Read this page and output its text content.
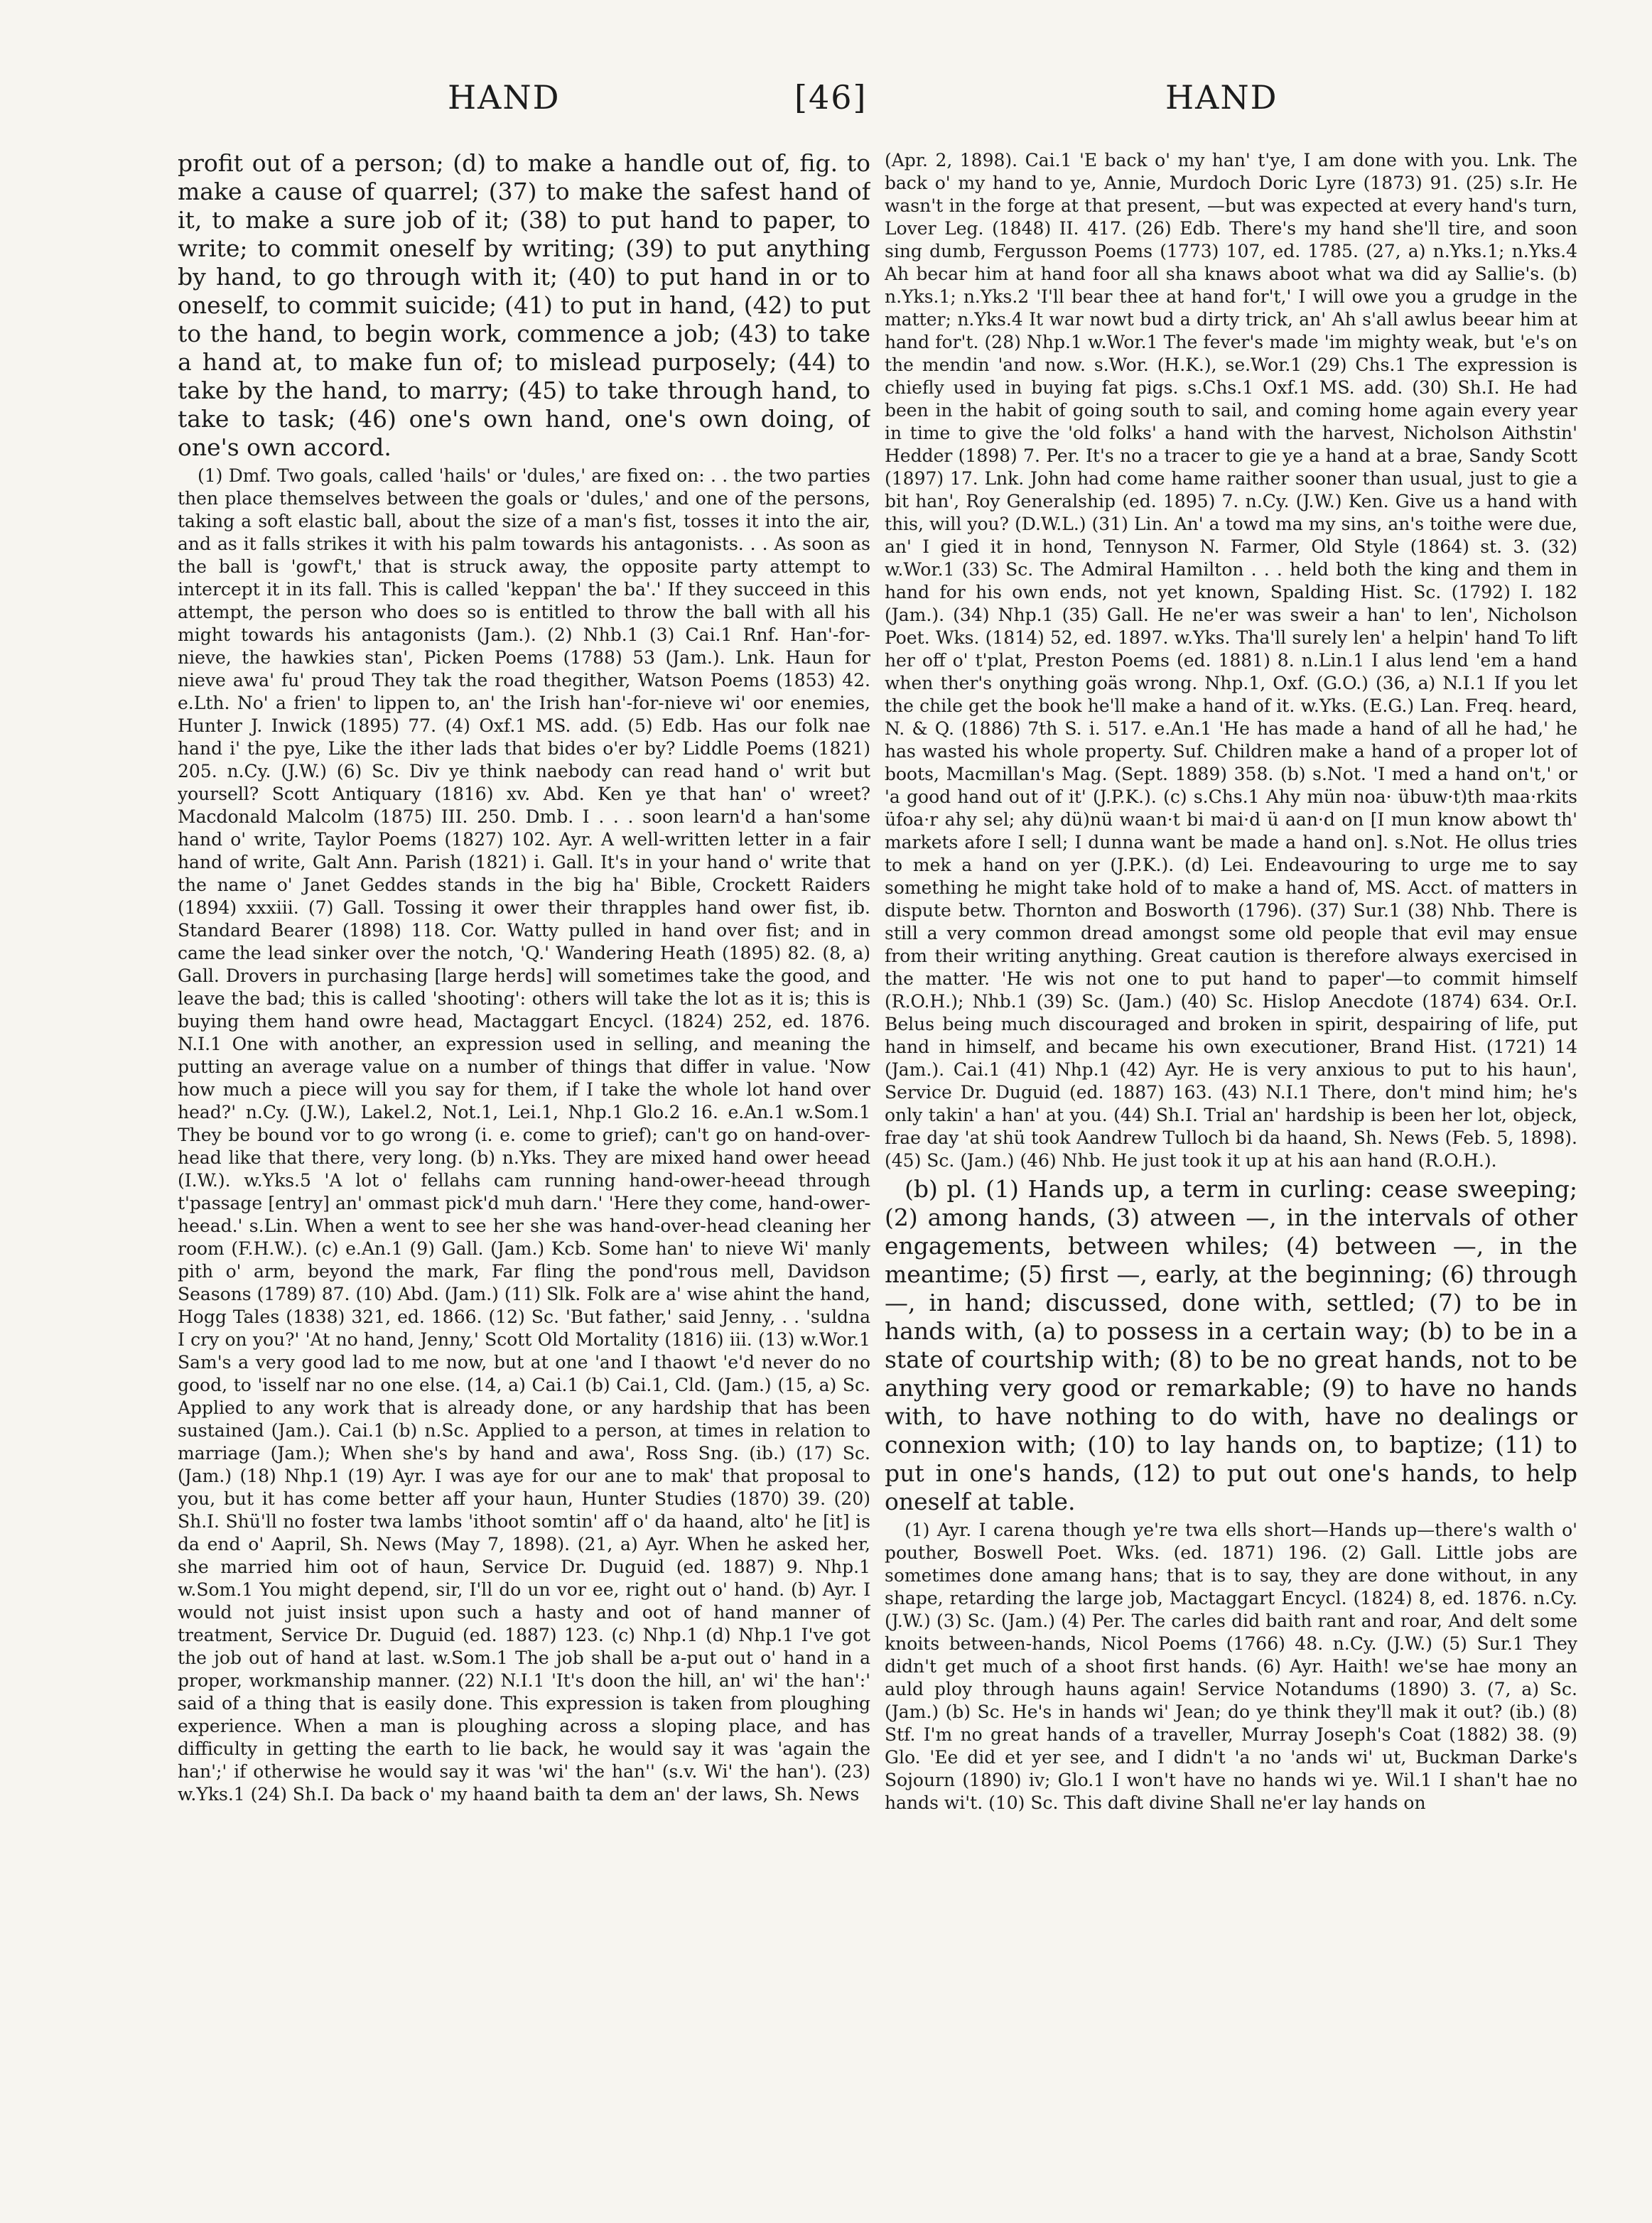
HAND	[46]	HAND

profit out of a person; (d) to make a handle out of, fig. to make a cause of quarrel; (37) to make the safest hand of it, to make a sure job of it; (38) to put hand to paper, to write; to commit oneself by writing; (39) to put anything by hand, to go through with it; (40) to put hand in or to oneself, to commit suicide; (41) to put in hand, (42) to put to the hand, to begin work, commence a job; (43) to take a hand at, to make fun of; to mislead purposely; (44) to take by the hand, to marry; (45) to take through hand, to take to task; (46) one's own hand, one's own doing, of one's own accord.

(1) Dmf. Two goals, called 'hails' or 'dules,' are fixed on: . . the two parties then place themselves between the goals or 'dules,' and one of the persons, taking a soft elastic ball, about the size of a man's fist, tosses it into the air, and as it falls strikes it with his palm towards his antagonists. . . As soon as the ball is 'gowf't,' that is struck away, the opposite party attempt to intercept it in its fall. This is called 'keppan' the ba'.' If they succeed in this attempt, the person who does so is entitled to throw the ball with all his might towards his antagonists (Jam.). (2) Nhb.1 (3) Cai.1 Rnf. Han'-for-nieve, the hawkies stan', Picken Poems (1788) 53 (Jam.). Lnk. Haun for nieve awa' fu' proud They tak the road thegither, Watson Poems (1853) 42. e.Lth. No' a frien' to lippen to, an' the Irish han'-for-nieve wi' oor enemies, Hunter J. Inwick (1895) 77. (4) Oxf.1 MS. add. (5) Edb. Has our folk nae hand i' the pye, Like the ither lads that bides o'er by? Liddle Poems (1821) 205. n.Cy. (J.W.) (6) Sc. Div ye think naebody can read hand o' writ but yoursell? Scott Antiquary (1816) xv. Abd. Ken ye that han' o' wreet? Macdonald Malcolm (1875) III. 250. Dmb. I . . . soon learn'd a han'some hand o' write, Taylor Poems (1827) 102. Ayr. A well-written letter in a fair hand of write, Galt Ann. Parish (1821) i. Gall. It's in your hand o' write that the name o' Janet Geddes stands in the big ha' Bible, Crockett Raiders (1894) xxxiii. (7) Gall. Tossing it ower their thrapples hand ower fist, ib. Standard Bearer (1898) 118. Cor. Watty pulled in hand over fist; and in came the lead sinker over the notch, 'Q.' Wandering Heath (1895) 82. (8, a) Gall. Drovers in purchasing [large herds] will sometimes take the good, and leave the bad; this is called 'shooting': others will take the lot as it is; this is buying them hand owre head, Mactaggart Encycl. (1824) 252, ed. 1876. N.I.1 One with another, an expression used in selling, and meaning the putting an average value on a number of things that differ in value. 'Now how much a piece will you say for them, if I take the whole lot hand over head?' n.Cy. (J.W.), Lakel.2, Not.1, Lei.1, Nhp.1 Glo.2 16. e.An.1 w.Som.1 They be bound vor to go wrong (i. e. come to grief); can't go on hand-over-head like that there, very long. (b) n.Yks. They are mixed hand ower heead (I.W.). w.Yks.5 'A lot o' fellahs cam running hand-ower-heead through t'passage [entry] an' ommast pick'd muh darn.' 'Here they come, hand-ower-heead.' s.Lin. When a went to see her she was hand-over-head cleaning her room (F.H.W.). (c) e.An.1 (9) Gall. (Jam.) Kcb. Some han' to nieve Wi' manly pith o' arm, beyond the mark, Far fling the pond'rous mell, Davidson Seasons (1789) 87. (10) Abd. (Jam.) (11) Slk. Folk are a' wise ahint the hand, Hogg Tales (1838) 321, ed. 1866. (12) Sc. 'But father,' said Jenny, . . 'suldna I cry on you?' 'At no hand, Jenny,' Scott Old Mortality (1816) iii. (13) w.Wor.1 Sam's a very good lad to me now, but at one 'and I thaowt 'e'd never do no good, to 'isself nar no one else. (14, a) Cai.1 (b) Cai.1, Cld. (Jam.) (15, a) Sc. Applied to any work that is already done, or any hardship that has been sustained (Jam.). Cai.1 (b) n.Sc. Applied to a person, at times in relation to marriage (Jam.); When she's by hand and awa', Ross Sng. (ib.) (17) Sc. (Jam.) (18) Nhp.1 (19) Ayr. I was aye for our ane to mak' that proposal to you, but it has come better aff your haun, Hunter Studies (1870) 39. (20) Sh.I. Shü'll no foster twa lambs 'ithoot somtin' aff o' da haand, alto' he [it] is da end o' Aapril, Sh. News (May 7, 1898). (21, a) Ayr. When he asked her, she married him oot of haun, Service Dr. Duguid (ed. 1887) 9. Nhp.1 w.Som.1 You might depend, sir, I'll do un vor ee, right out o' hand. (b) Ayr. I would not juist insist upon such a hasty and oot of hand manner of treatment, Service Dr. Duguid (ed. 1887) 123. (c) Nhp.1 (d) Nhp.1 I've got the job out of hand at last. w.Som.1 The job shall be a-put out o' hand in a proper, workmanship manner. (22) N.I.1 'It's doon the hill, an' wi' the han':' said of a thing that is easily done. This expression is taken from ploughing experience. When a man is ploughing across a sloping place, and has difficulty in getting the earth to lie back, he would say it was 'again the han';' if otherwise he would say it was 'wi' the han'' (s.v. Wi' the han'). (23) w.Yks.1 (24) Sh.I. Da back o' my haand baith ta dem an' der laws, Sh. News

(Apr. 2, 1898). Cai.1 'E back o' my han' t'ye, I am done with you. Lnk. The back o' my hand to ye, Annie, Murdoch Doric Lyre (1873) 91. (25) s.Ir. He wasn't in the forge at that present, —but was expected at every hand's turn, Lover Leg. (1848) II. 417. (26) Edb. There's my hand she'll tire, and soon sing dumb, Fergusson Poems (1773) 107, ed. 1785. (27, a) n.Yks.1; n.Yks.4 Ah becar him at hand foor all sha knaws aboot what wa did ay Sallie's. (b) n.Yks.1; n.Yks.2 'I'll bear thee at hand for't,' I will owe you a grudge in the matter; n.Yks.4 It war nowt bud a dirty trick, an' Ah s'all awlus beear him at hand for't. (28) Nhp.1 w.Wor.1 The fever's made 'im mighty weak, but 'e's on the mendin 'and now. s.Wor. (H.K.), se.Wor.1 (29) Chs.1 The expression is chiefly used in buying fat pigs. s.Chs.1 Oxf.1 MS. add. (30) Sh.I. He had been in the habit of going south to sail, and coming home again every year in time to give the 'old folks' a hand with the harvest, Nicholson Aithstin' Hedder (1898) 7. Per. It's no a tracer to gie ye a hand at a brae, Sandy Scott (1897) 17. Lnk. John had come hame raither sooner than usual, just to gie a bit han', Roy Generalship (ed. 1895) 7. n.Cy. (J.W.) Ken. Give us a hand with this, will you? (D.W.L.) (31) Lin. An' a towd ma my sins, an's toithe were due, an' I gied it in hond, Tennyson N. Farmer, Old Style (1864) st. 3. (32) w.Wor.1 (33) Sc. The Admiral Hamilton . . . held both the king and them in hand for his own ends, not yet known, Spalding Hist. Sc. (1792) I. 182 (Jam.). (34) Nhp.1 (35) Gall. He ne'er was sweir a han' to len', Nicholson Poet. Wks. (1814) 52, ed. 1897. w.Yks. Tha'll surely len' a helpin' hand To lift her off o' t'plat, Preston Poems (ed. 1881) 8. n.Lin.1 I alus lend 'em a hand when ther's onything goäs wrong. Nhp.1, Oxf. (G.O.) (36, a) N.I.1 If you let the chile get the book he'll make a hand of it. w.Yks. (E.G.) Lan. Freq. heard, N. & Q. (1886) 7th S. i. 517. e.An.1 'He has made a hand of all he had,' he has wasted his whole property. Suf. Children make a hand of a proper lot of boots, Macmillan's Mag. (Sept. 1889) 358. (b) s.Not. 'I med a hand on't,' or 'a good hand out of it' (J.P.K.). (c) s.Chs.1 Ahy mün noa· übuw·t)th maa·rkits üfoa·r ahy sel; ahy dü)nü waan·t bi mai·d ü aan·d on [I mun know abowt th' markets afore I sell; I dunna want be made a hand on]. s.Not. He ollus tries to mek a hand on yer (J.P.K.). (d) Lei. Endeavouring to urge me to say something he might take hold of to make a hand of, MS. Acct. of matters in dispute betw. Thornton and Bosworth (1796). (37) Sur.1 (38) Nhb. There is still a very common dread amongst some old people that evil may ensue from their writing anything. Great caution is therefore always exercised in the matter. 'He wis not one to put hand to paper'—to commit himself (R.O.H.); Nhb.1 (39) Sc. (Jam.) (40) Sc. Hislop Anecdote (1874) 634. Or.I. Belus being much discouraged and broken in spirit, despairing of life, put hand in himself, and became his own executioner, Brand Hist. (1721) 14 (Jam.). Cai.1 (41) Nhp.1 (42) Ayr. He is very anxious to put to his haun', Service Dr. Duguid (ed. 1887) 163. (43) N.I.1 There, don't mind him; he's only takin' a han' at you. (44) Sh.I. Trial an' hardship is been her lot, objeck, frae day 'at shü took Aandrew Tulloch bi da haand, Sh. News (Feb. 5, 1898). (45) Sc. (Jam.) (46) Nhb. He just took it up at his aan hand (R.O.H.).

(b) pl. (1) Hands up, a term in curling: cease sweeping; (2) among hands, (3) atween —, in the intervals of other engagements, between whiles; (4) between —, in the meantime; (5) first —, early, at the beginning; (6) through —, in hand; discussed, done with, settled; (7) to be in hands with, (a) to possess in a certain way; (b) to be in a state of courtship with; (8) to be no great hands, not to be anything very good or remarkable; (9) to have no hands with, to have nothing to do with, have no dealings or connexion with; (10) to lay hands on, to baptize; (11) to put in one's hands, (12) to put out one's hands, to help oneself at table.

(1) Ayr. I carena though ye're twa ells short—Hands up—there's walth o' pouther, Boswell Poet. Wks. (ed. 1871) 196. (2) Gall. Little jobs are sometimes done amang hans; that is to say, they are done without, in any shape, retarding the large job, Mactaggart Encycl. (1824) 8, ed. 1876. n.Cy. (J.W.) (3) Sc. (Jam.) (4) Per. The carles did baith rant and roar, And delt some knoits between-hands, Nicol Poems (1766) 48. n.Cy. (J.W.) (5) Sur.1 They didn't get much of a shoot first hands. (6) Ayr. Haith! we'se hae mony an auld ploy through hauns again! Service Notandums (1890) 3. (7, a) Sc. (Jam.) (b) Sc. He's in hands wi' Jean; do ye think they'll mak it out? (ib.) (8) Stf. I'm no great hands of a traveller, Murray Joseph's Coat (1882) 38. (9) Glo. 'Ee did et yer see, and I didn't 'a no 'ands wi' ut, Buckman Darke's Sojourn (1890) iv; Glo.1 I won't have no hands wi ye. Wil.1 I shan't hae no hands wi't. (10) Sc. This daft divine Shall ne'er lay hands on
